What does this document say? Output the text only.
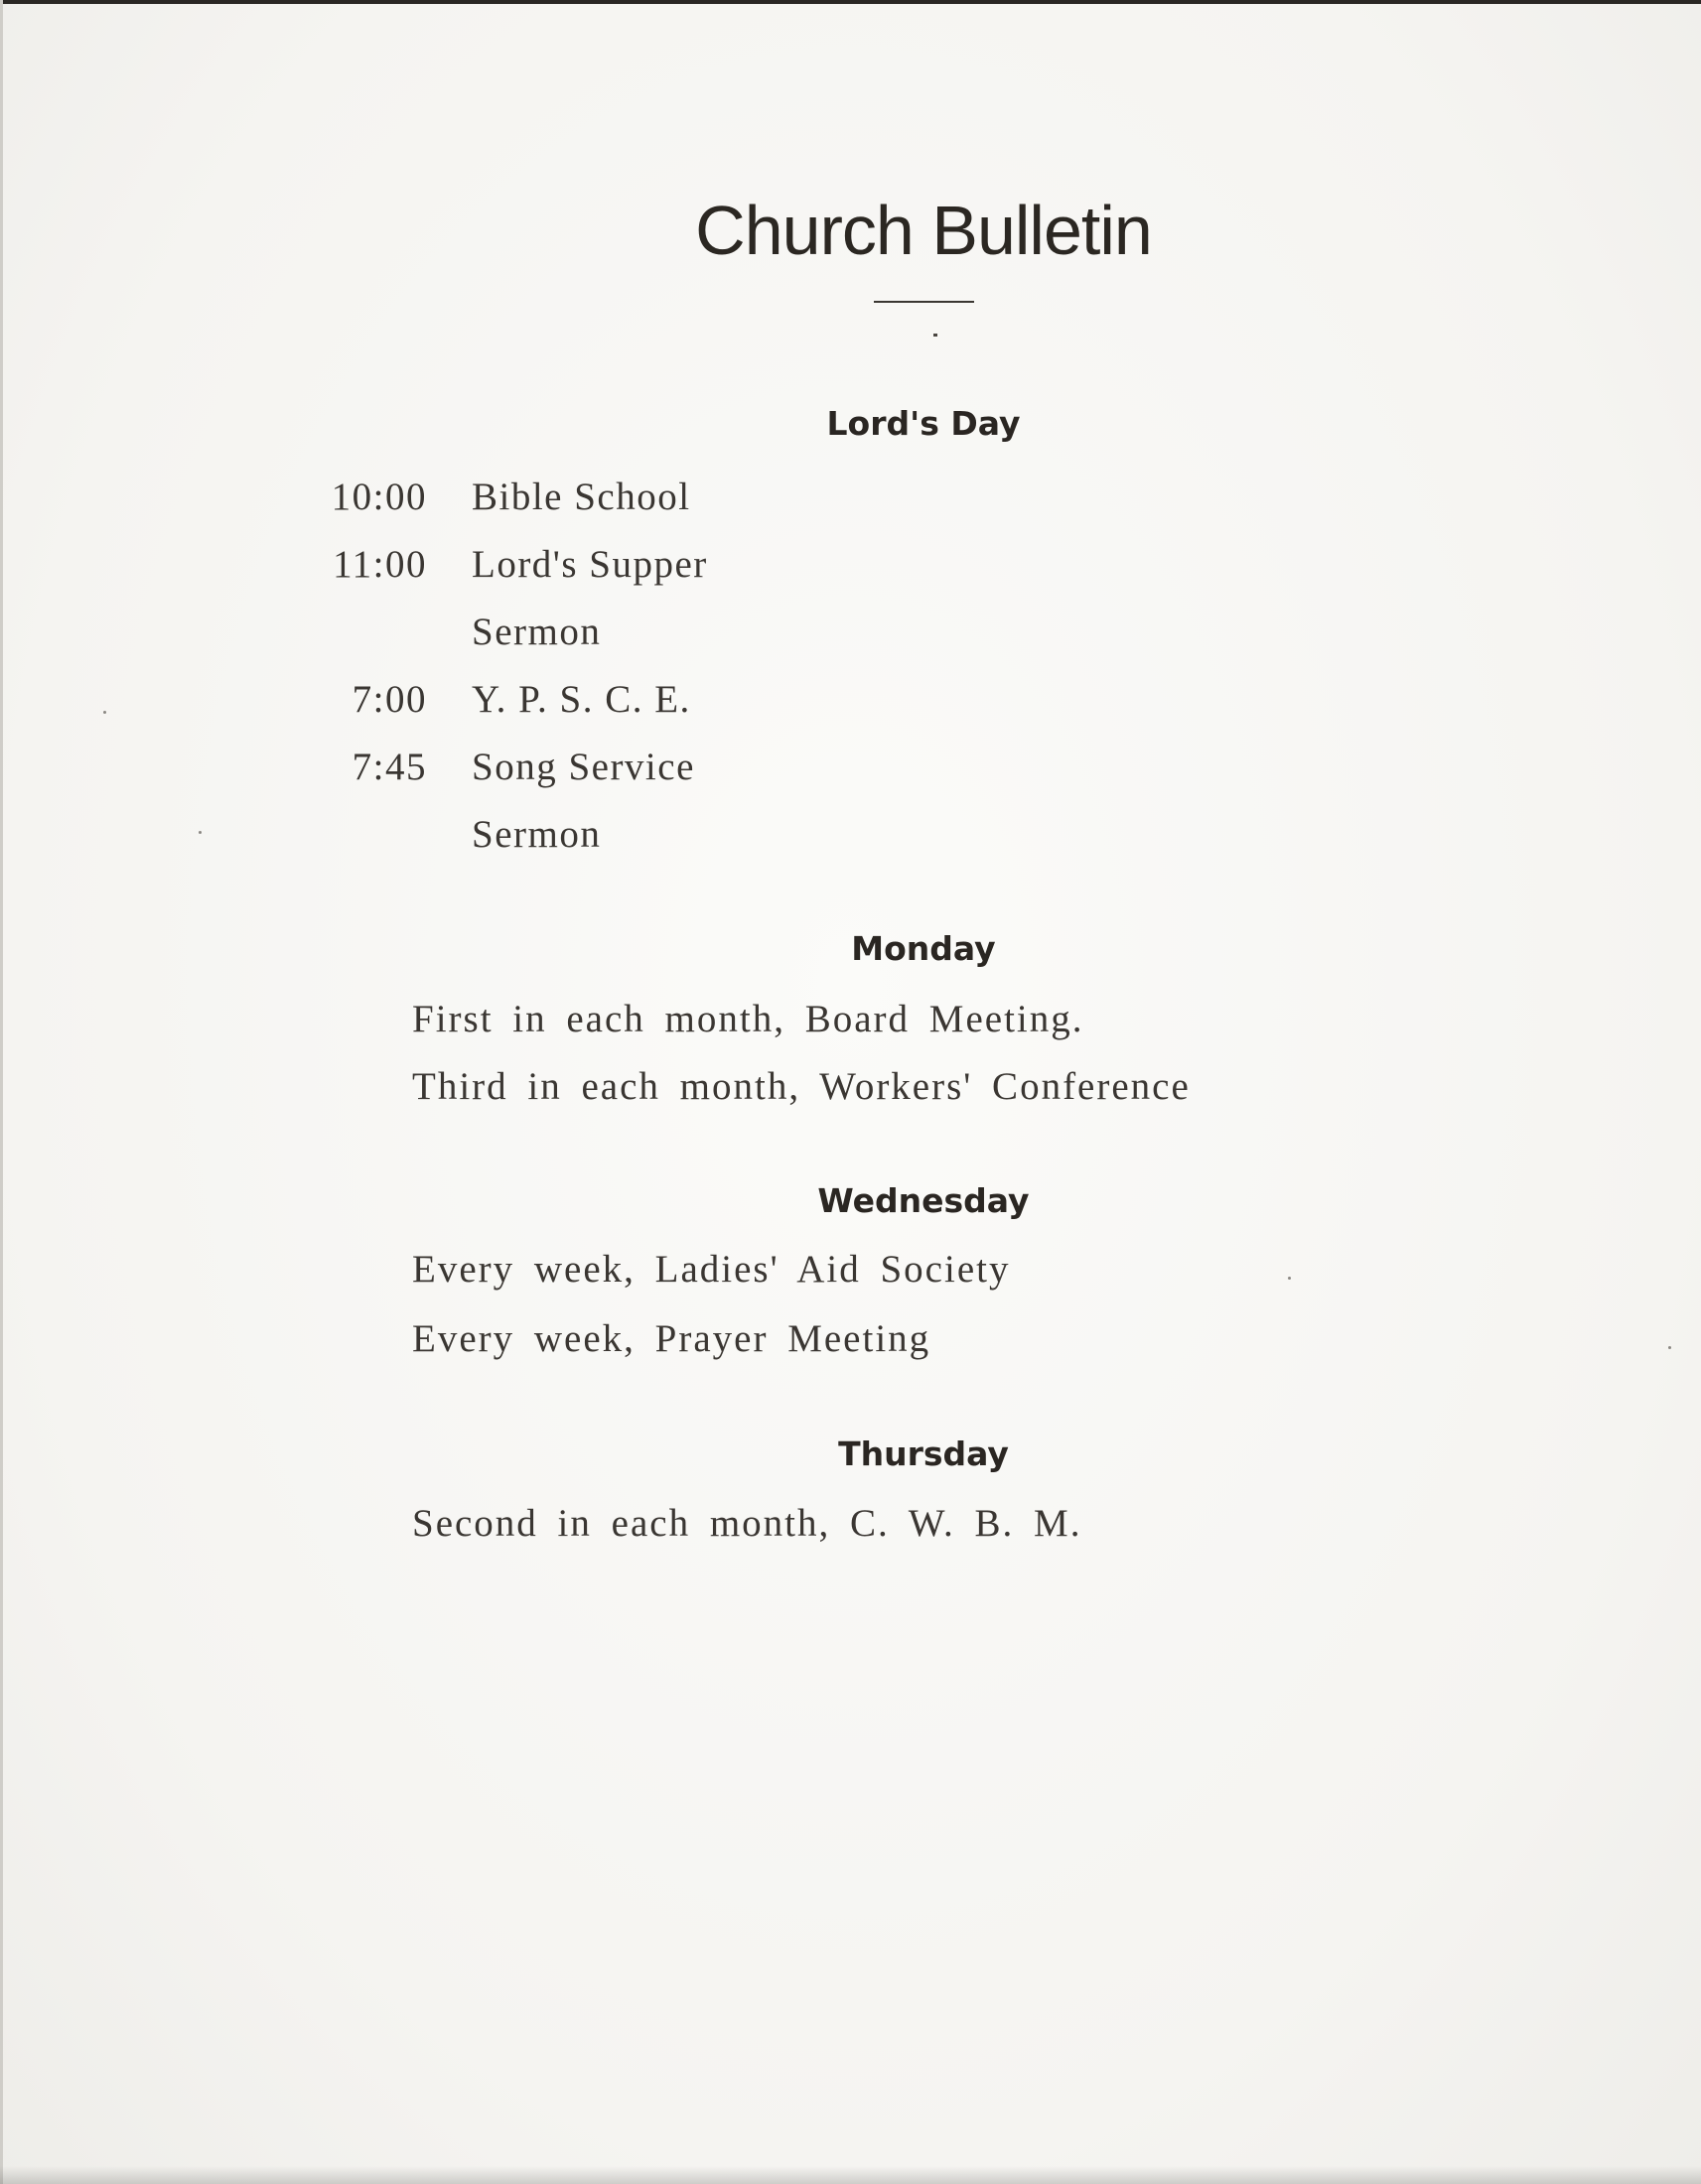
Church Bulletin
Lord's Day
10:00 Bible School
11:00 Lord's Supper
Sermon
7:00 Y. P. S. C. E.
7:45 Song Service
Sermon
Monday
First in each month, Board Meeting.
Third in each month, Workers' Conference
Wednesday
Every week, Ladies' Aid Society
Every week, Prayer Meeting
Thursday
Second in each month, C. W. B. M.
